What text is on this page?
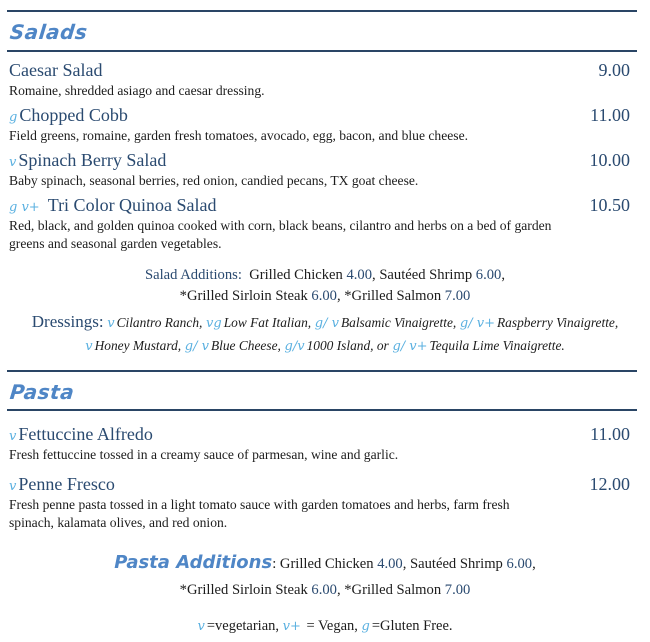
Salads
Caesar Salad	9.00
Romaine, shredded asiago and caesar dressing.
g Chopped Cobb	11.00
Field greens, romaine, garden fresh tomatoes, avocado, egg, bacon, and blue cheese.
v Spinach Berry Salad	10.00
Baby spinach, seasonal berries, red onion, candied pecans, TX goat cheese.
g v+ Tri Color Quinoa Salad	10.50
Red, black, and golden quinoa cooked with corn, black beans, cilantro and herbs on a bed of garden
greens and seasonal garden vegetables.
Salad Additions: Grilled Chicken 4.00, Sautéed Shrimp 6.00,
*Grilled Sirloin Steak 6.00, *Grilled Salmon 7.00
Dressings: v Cilantro Ranch, vg Low Fat Italian, g/ v Balsamic Vinaigrette, g/ v+ Raspberry Vinaigrette,
v Honey Mustard, g/ v Blue Cheese, g/v 1000 Island, or g/ v+ Tequila Lime Vinaigrette.
Pasta
v Fettuccine Alfredo	11.00
Fresh fettuccine tossed in a creamy sauce of parmesan, wine and garlic.
v Penne Fresco	12.00
Fresh penne pasta tossed in a light tomato sauce with garden tomatoes and herbs, farm fresh
spinach, kalamata olives, and red onion.
Pasta Additions: Grilled Chicken 4.00, Sautéed Shrimp 6.00,
*Grilled Sirloin Steak 6.00, *Grilled Salmon 7.00
v =vegetarian, v+ = Vegan, g =Gluten Free.
